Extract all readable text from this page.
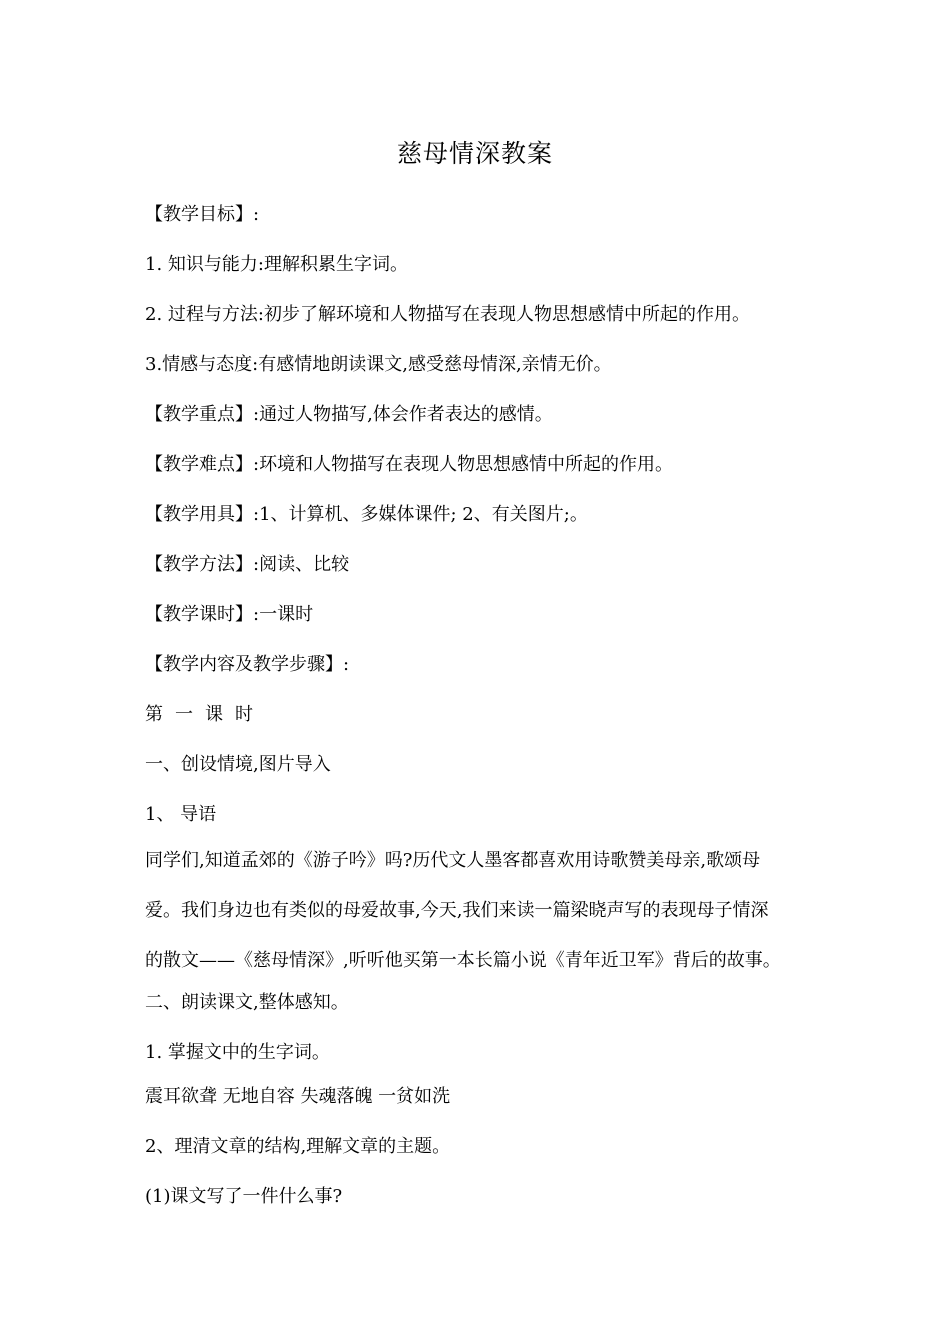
慈母情深教案
【教学目标】:
1. 知识与能力:理解积累生字词。
2. 过程与方法:初步了解环境和人物描写在表现人物思想感情中所起的作用。
3.情感与态度:有感情地朗读课文,感受慈母情深,亲情无价。
【教学重点】:通过人物描写,体会作者表达的感情。
【教学难点】:环境和人物描写在表现人物思想感情中所起的作用。
【教学用具】:1、计算机、多媒体课件; 2、有关图片;。
【教学方法】:阅读、比较
【教学课时】:一课时
【教学内容及教学步骤】:
第一课时
一、创设情境,图片导入
1、 导语
同学们,知道孟郊的《游子吟》吗?历代文人墨客都喜欢用诗歌赞美母亲,歌颂母
爱。我们身边也有类似的母爱故事,今天,我们来读一篇梁晓声写的表现母子情深
的散文——《慈母情深》,听听他买第一本长篇小说《青年近卫军》背后的故事。
二、朗读课文,整体感知。
1. 掌握文中的生字词。
震耳欲聋 无地自容 失魂落魄 一贫如洗
2、理清文章的结构,理解文章的主题。
(1)课文写了一件什么事?
